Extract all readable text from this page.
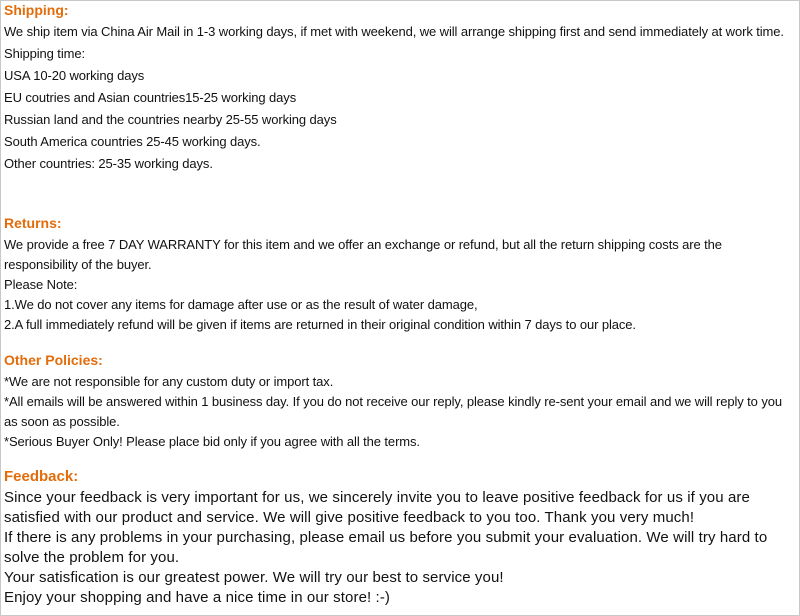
Shipping:
We ship item via China Air Mail in 1-3 working days, if met with weekend, we will arrange shipping first and send immediately at work time.
Shipping time:
USA 10-20 working days
EU coutries and Asian countries15-25 working days
Russian land and the countries nearby 25-55 working days
South America countries 25-45 working days.
Other countries: 25-35 working days.
Returns:
We provide a free 7 DAY WARRANTY for this item and we offer an exchange or refund, but all the return shipping costs are the
responsibility of the buyer.
Please Note:
1.We do not cover any items for damage after use or as the result of water damage,
2.A full immediately refund will be given if items are returned in their original condition within 7 days to our place.
Other Policies:
*We are not responsible for any custom duty or import tax.
*All emails will be answered within 1 business day. If you do not receive our reply, please kindly re-sent your email and we will reply to you
as soon as possible.
*Serious Buyer Only! Please place bid only if you agree with all the terms.
Feedback:
Since your feedback is very important for us, we sincerely invite you to leave positive feedback for us if you are
satisfied with our product and service. We will give positive feedback to you too. Thank you very much!
If there is any problems in your purchasing, please email us before you submit your evaluation. We will try hard to
solve the problem for you.
Your satisfication is our greatest power. We will try our best to service you!
Enjoy your shopping and have a nice time in our store! :-)
